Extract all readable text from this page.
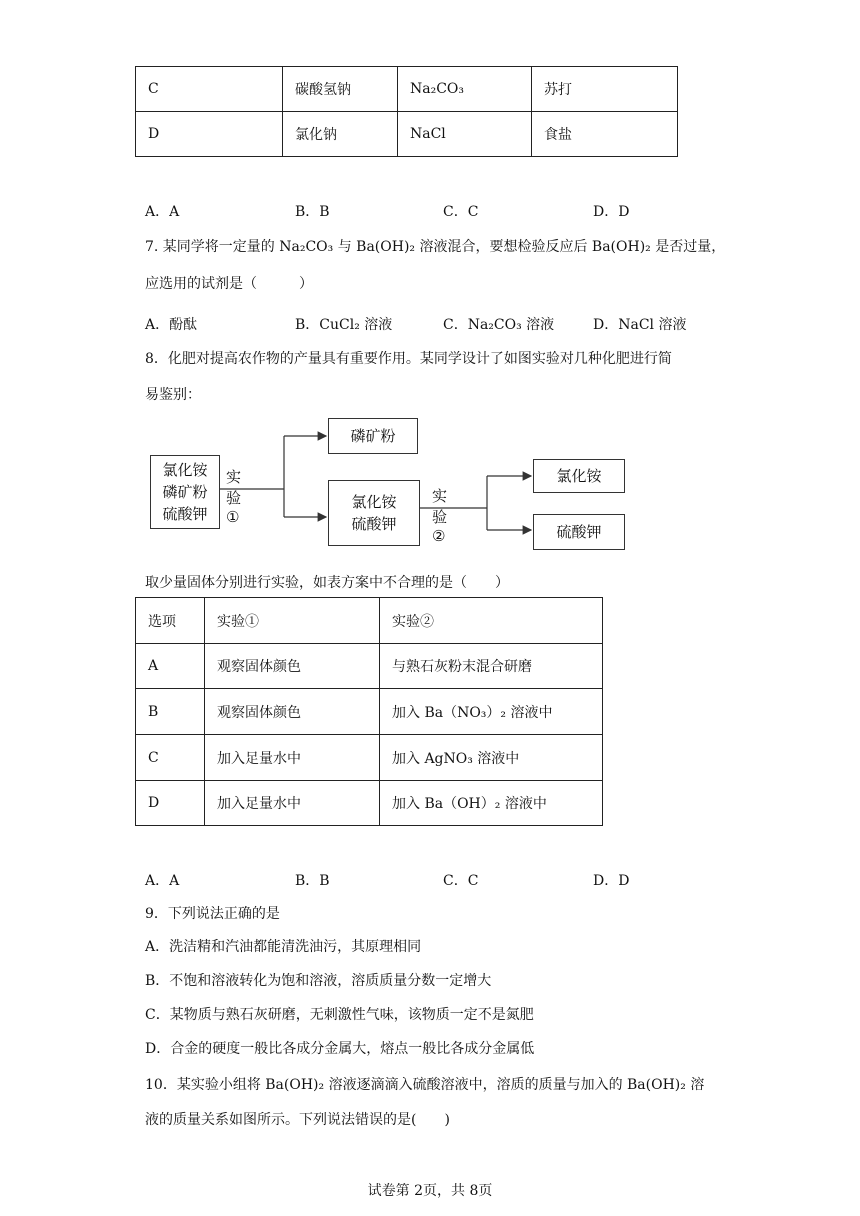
C	碳酸氢钠	Na₂CO₃	苏打
D	氯化钠	NaCl	食盐
A．A	B．B	C．C	D．D
7. 某同学将一定量的 Na₂CO₃ 与 Ba(OH)₂ 溶液混合，要想检验反应后 Ba(OH)₂ 是否过量，
应选用的试剂是（　　　）
A．酚酞	B．CuCl₂ 溶液	C．Na₂CO₃ 溶液	D．NaCl 溶液
8．化肥对提高农作物的产量具有重要作用。某同学设计了如图实验对几种化肥进行简
易鉴别：
氯化铵
磷矿粉
硫酸钾
实验①
磷矿粉
氯化铵
硫酸钾
实验②
氯化铵
硫酸钾
取少量固体分别进行实验，如表方案中不合理的是（　　）
选项	实验①	实验②
A	观察固体颜色	与熟石灰粉末混合研磨
B	观察固体颜色	加入 Ba（NO₃）₂ 溶液中
C	加入足量水中	加入 AgNO₃ 溶液中
D	加入足量水中	加入 Ba（OH）₂ 溶液中
A．A	B．B	C．C	D．D
9．下列说法正确的是
A．洗洁精和汽油都能清洗油污，其原理相同
B．不饱和溶液转化为饱和溶液，溶质质量分数一定增大
C．某物质与熟石灰研磨，无刺激性气味，该物质一定不是氮肥
D．合金的硬度一般比各成分金属大，熔点一般比各成分金属低
10．某实验小组将 Ba(OH)₂ 溶液逐滴滴入硫酸溶液中，溶质的质量与加入的 Ba(OH)₂ 溶
液的质量关系如图所示。下列说法错误的是(　　)
试卷第 2页，共 8页
